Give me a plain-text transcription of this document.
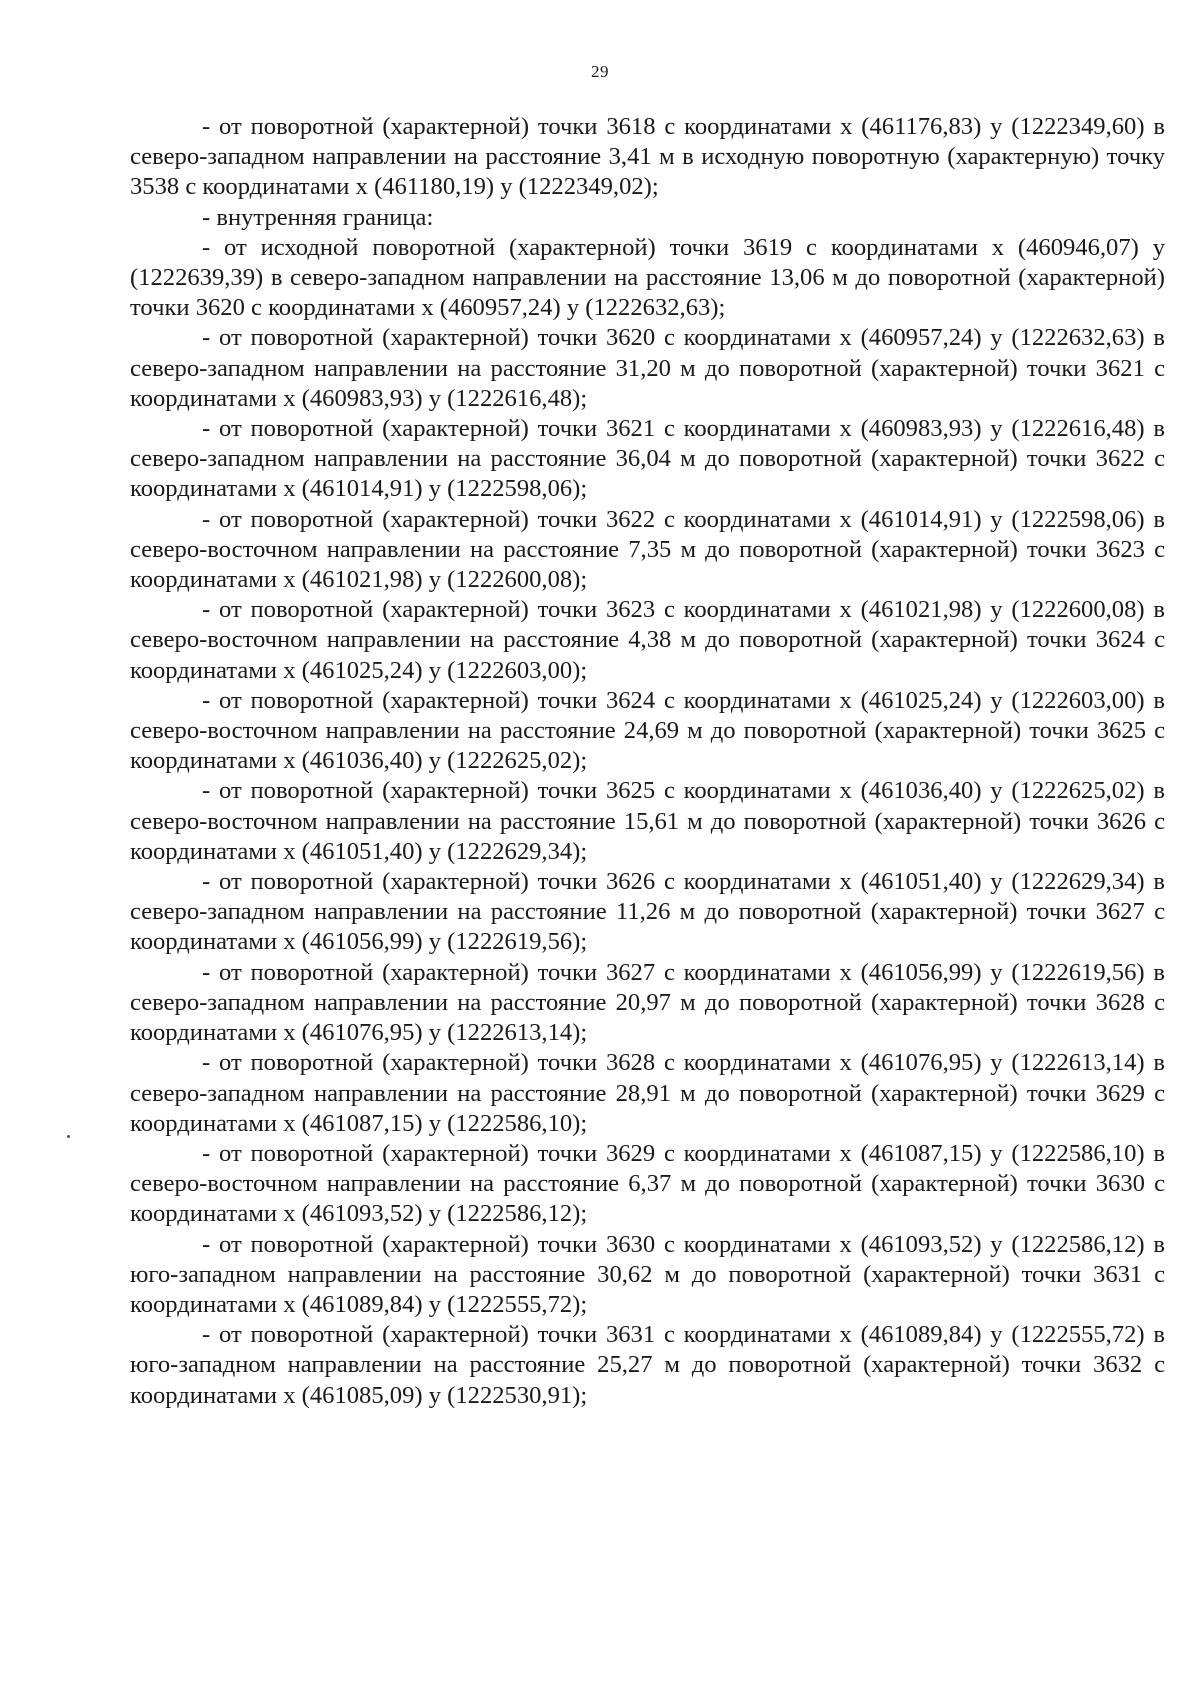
29

- от поворотной (характерной) точки 3618 с координатами х (461176,83) у (1222349,60) в северо-западном направлении на расстояние 3,41 м в исходную поворотную (характерную) точку 3538 с координатами х (461180,19) у (1222349,02);

- внутренняя граница:

- от исходной поворотной (характерной) точки 3619 с координатами х (460946,07) у (1222639,39) в северо-западном направлении на расстояние 13,06 м до поворотной (характерной) точки 3620 с координатами х (460957,24) у (1222632,63);

- от поворотной (характерной) точки 3620 с координатами х (460957,24) у (1222632,63) в северо-западном направлении на расстояние 31,20 м до поворотной (характерной) точки 3621 с координатами х (460983,93) у (1222616,48);

- от поворотной (характерной) точки 3621 с координатами х (460983,93) у (1222616,48) в северо-западном направлении на расстояние 36,04 м до поворотной (характерной) точки 3622 с координатами х (461014,91) у (1222598,06);

- от поворотной (характерной) точки 3622 с координатами х (461014,91) у (1222598,06) в северо-восточном направлении на расстояние 7,35 м до поворотной (характерной) точки 3623 с координатами х (461021,98) у (1222600,08);

- от поворотной (характерной) точки 3623 с координатами х (461021,98) у (1222600,08) в северо-восточном направлении на расстояние 4,38 м до поворотной (характерной) точки 3624 с координатами х (461025,24) у (1222603,00);

- от поворотной (характерной) точки 3624 с координатами х (461025,24) у (1222603,00) в северо-восточном направлении на расстояние 24,69 м до поворотной (характерной) точки 3625 с координатами х (461036,40) у (1222625,02);

- от поворотной (характерной) точки 3625 с координатами х (461036,40) у (1222625,02) в северо-восточном направлении на расстояние 15,61 м до поворотной (характерной) точки 3626 с координатами х (461051,40) у (1222629,34);

- от поворотной (характерной) точки 3626 с координатами х (461051,40) у (1222629,34) в северо-западном направлении на расстояние 11,26 м до поворотной (характерной) точки 3627 с координатами х (461056,99) у (1222619,56);

- от поворотной (характерной) точки 3627 с координатами х (461056,99) у (1222619,56) в северо-западном направлении на расстояние 20,97 м до поворотной (характерной) точки 3628 с координатами х (461076,95) у (1222613,14);

- от поворотной (характерной) точки 3628 с координатами х (461076,95) у (1222613,14) в северо-западном направлении на расстояние 28,91 м до поворотной (характерной) точки 3629 с координатами х (461087,15) у (1222586,10);

- от поворотной (характерной) точки 3629 с координатами х (461087,15) у (1222586,10) в северо-восточном направлении на расстояние 6,37 м до поворотной (характерной) точки 3630 с координатами х (461093,52) у (1222586,12);

- от поворотной (характерной) точки 3630 с координатами х (461093,52) у (1222586,12) в юго-западном направлении на расстояние 30,62 м до поворотной (характерной) точки 3631 с координатами х (461089,84) у (1222555,72);

- от поворотной (характерной) точки 3631 с координатами х (461089,84) у (1222555,72) в юго-западном направлении на расстояние 25,27 м до поворотной (характерной) точки 3632 с координатами х (461085,09) у (1222530,91);
